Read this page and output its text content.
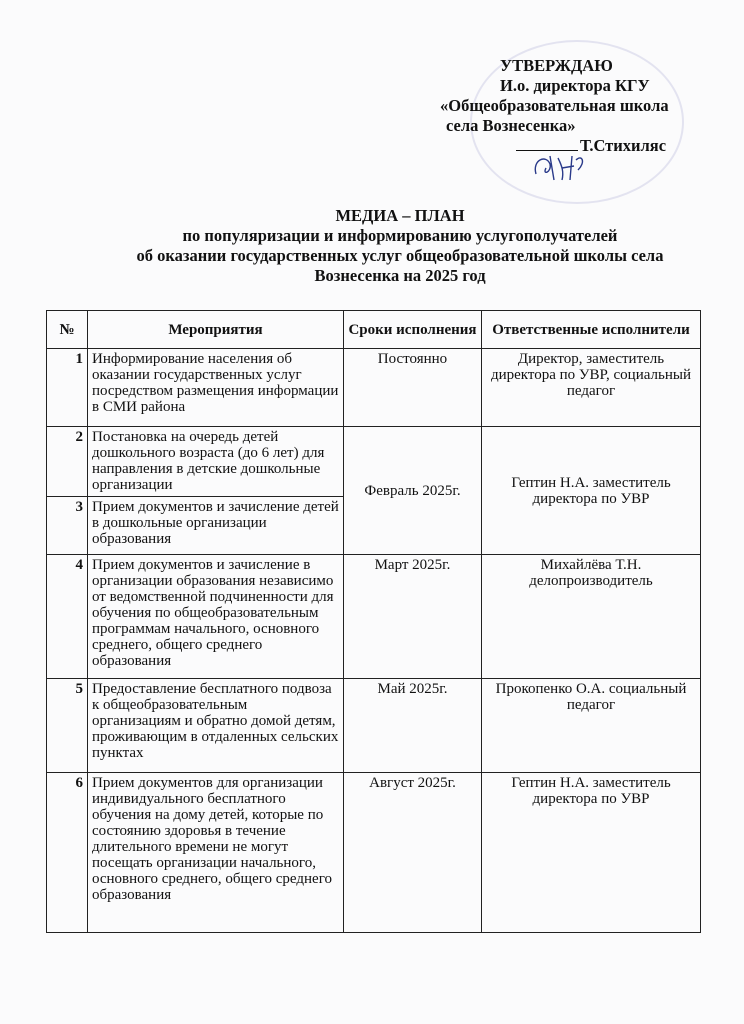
УТВЕРЖДАЮ
И.о. директора КГУ
«Общеобразовательная школа
села Вознесенка»
Т.Стихиляс
МЕДИА – ПЛАН
по популяризации и информированию услугополучателей
об оказании государственных услуг общеобразовательной школы села
Вознесенка на 2025 год
№	Мероприятия	Сроки исполнения	Ответственные исполнители
1	Информирование населения об оказании государственных услуг посредством размещения информации в СМИ района	Постоянно	Директор, заместитель директора по УВР, социальный педагог
2	Постановка на очередь детей дошкольного возраста (до 6 лет) для направления в детские дошкольные организации	Февраль 2025г.	Гептин Н.А. заместитель директора по УВР
3	Прием документов и зачисление детей в дошкольные организации образования		
4	Прием документов и зачисление в организации образования независимо от ведомственной подчиненности для обучения по общеобразовательным программам начального, основного среднего, общего среднего образования	Март 2025г.	Михайлёва Т.Н. делопроизводитель
5	Предоставление бесплатного подвоза к общеобразовательным организациям и обратно домой детям, проживающим в отдаленных сельских пунктах	Май 2025г.	Прокопенко О.А. социальный педагог
6	Прием документов для организации индивидуального бесплатного обучения на дому детей, которые по состоянию здоровья в течение длительного времени не могут посещать организации начального, основного среднего, общего среднего образования	Август 2025г.	Гептин Н.А. заместитель директора по УВР
